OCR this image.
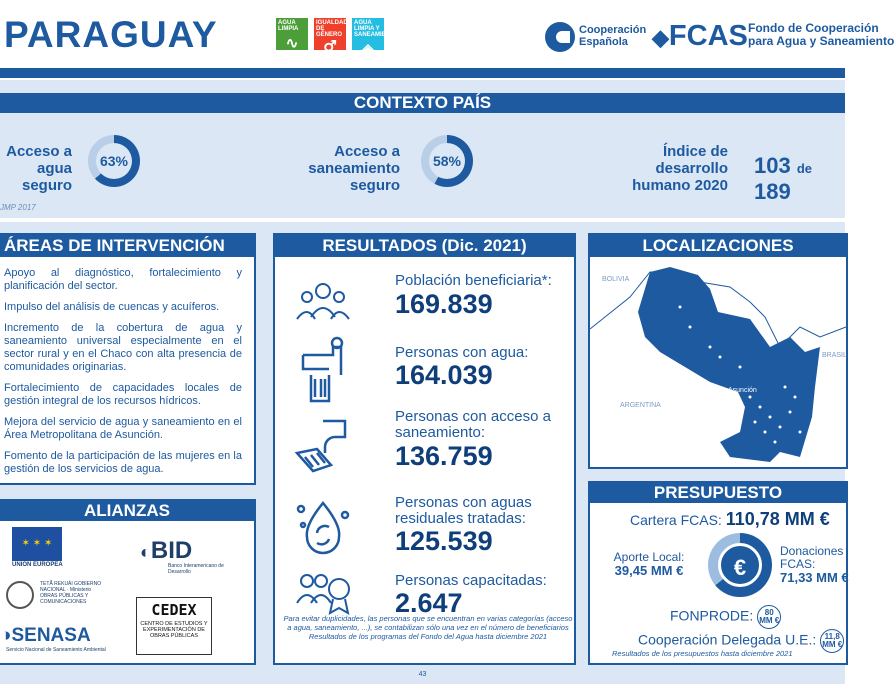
PARAGUAY	AGUA LIMPIA
∿
IGUALDAD DE GÉNERO
⚥
AGUA LIMPIA Y SANEAMIENTO
◈
Cooperación
Española	◆FCAS Fondo de Cooperación
para Agua y Saneamiento
CONTEXTO PAÍS
Acceso a
agua
seguro
63%
Acceso a
saneamiento
seguro
58%
Índice de
desarrollo
humano 2020
103 de 189
JMP 2017
ÁREAS DE INTERVENCIÓN
Apoyo al diagnóstico, fortalecimiento y planificación del sector.
Impulso del análisis de cuencas y acuíferos.
Incremento de la cobertura de agua y saneamiento universal especialmente en el sector rural y en el Chaco con alta presencia de comunidades originarias.
Fortalecimiento de capacidades locales de gestión integral de los recursos hídricos.
Mejora del servicio de agua y saneamiento en el Área Metropolitana de Asunción.
Fomento de la participación de las mujeres en la gestión de los servicios de agua.
ALIANZAS
✶ ✶ ✶
UNIÓN EUROPEA
◐BID
Banco Interamericano de Desarrollo
TETÃ REKUÁI GOBIERNO NACIONAL · Ministerio OBRAS PÚBLICAS Y COMUNICACIONES	CEDEX
CENTRO DE ESTUDIOS Y EXPERIMENTACIÓN DE OBRAS PÚBLICAS
◑SENASA
Servicio Nacional de Saneamiento Ambiental
RESULTADOS (Dic. 2021)
Población beneficiaria*:
169.839
Personas con agua:
164.039
Personas con acceso a saneamiento:
136.759
Personas con aguas residuales tratadas:
125.539
Personas capacitadas:
2.647
Para evitar duplicidades, las personas que se encuentran en varias categorías (acceso a agua, saneamiento, ...), se contabilizan sólo una vez en el número de beneficiarios
Resultados de los programas del Fondo del Agua hasta diciembre 2021
LOCALIZACIONES
BOLIVIA
BRASIL
ARGENTINA
Asunción
PRESUPUESTO
Cartera FCAS: 110,78 MM €
Aporte Local:
39,45 MM €	€
Donaciones FCAS:
71,33 MM €
FONPRODE:	80
MM €
Cooperación Delegada U.E.:	11,8
MM €
Resultados de los presupuestos hasta diciembre 2021
43
